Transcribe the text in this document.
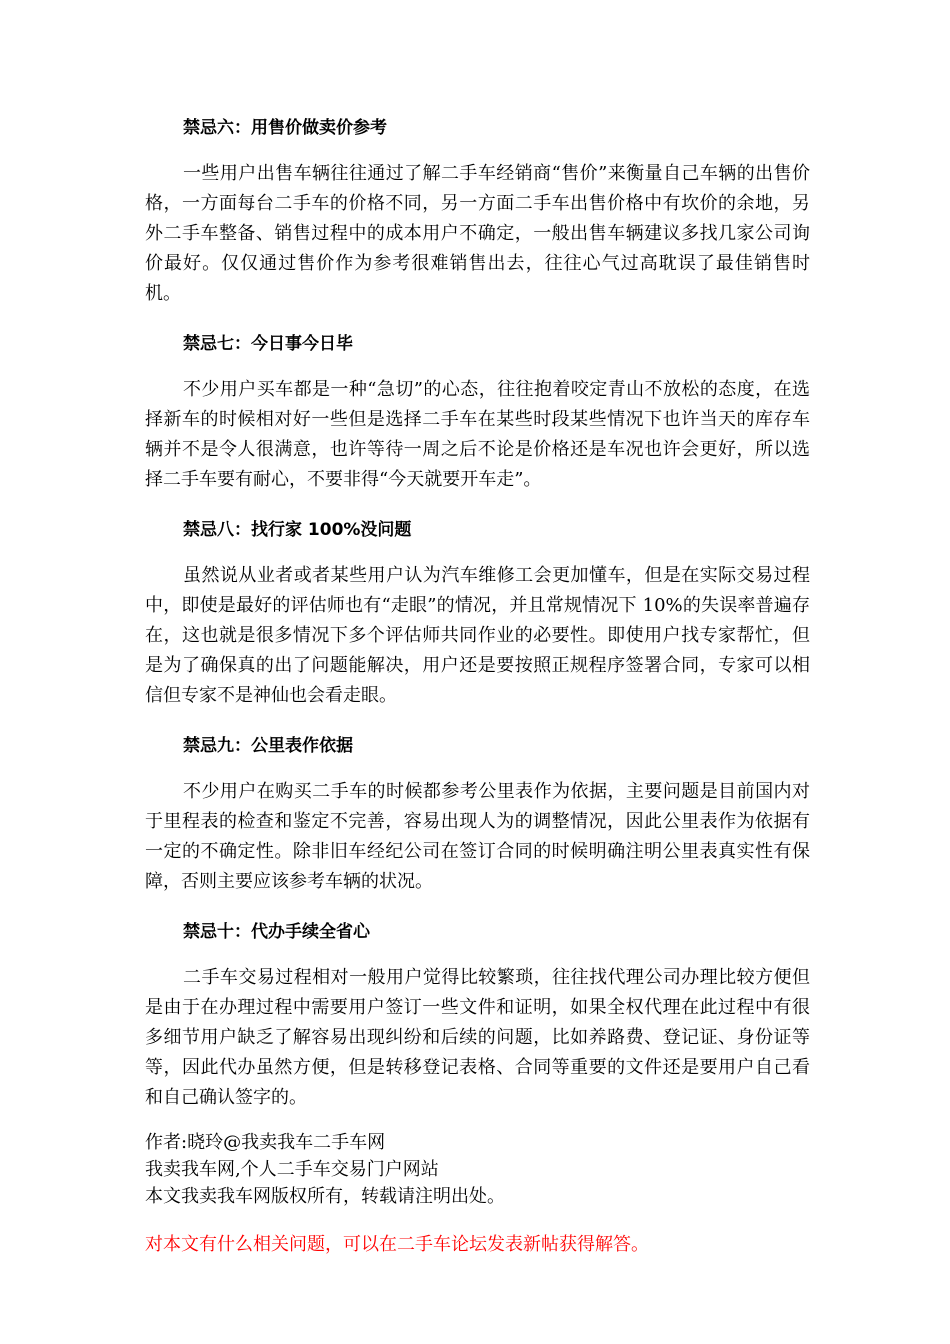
禁忌六：用售价做卖价参考

一些用户出售车辆往往通过了解二手车经销商“售价”来衡量自己车辆的出售价格，一方面每台二手车的价格不同，另一方面二手车出售价格中有坎价的余地，另外二手车整备、销售过程中的成本用户不确定，一般出售车辆建议多找几家公司询价最好。仅仅通过售价作为参考很难销售出去，往往心气过高耽误了最佳销售时机。

禁忌七：今日事今日毕

不少用户买车都是一种“急切”的心态，往往抱着咬定青山不放松的态度，在选择新车的时候相对好一些但是选择二手车在某些时段某些情况下也许当天的库存车辆并不是令人很满意，也许等待一周之后不论是价格还是车况也许会更好，所以选择二手车要有耐心，不要非得“今天就要开车走”。

禁忌八：找行家 100%没问题

虽然说从业者或者某些用户认为汽车维修工会更加懂车，但是在实际交易过程中，即使是最好的评估师也有“走眼”的情况，并且常规情况下 10%的失误率普遍存在，这也就是很多情况下多个评估师共同作业的必要性。即使用户找专家帮忙，但是为了确保真的出了问题能解决，用户还是要按照正规程序签署合同，专家可以相信但专家不是神仙也会看走眼。

禁忌九：公里表作依据

不少用户在购买二手车的时候都参考公里表作为依据，主要问题是目前国内对于里程表的检查和鉴定不完善，容易出现人为的调整情况，因此公里表作为依据有一定的不确定性。除非旧车经纪公司在签订合同的时候明确注明公里表真实性有保障，否则主要应该参考车辆的状况。

禁忌十：代办手续全省心

二手车交易过程相对一般用户觉得比较繁琐，往往找代理公司办理比较方便但是由于在办理过程中需要用户签订一些文件和证明，如果全权代理在此过程中有很多细节用户缺乏了解容易出现纠纷和后续的问题，比如养路费、登记证、身份证等等，因此代办虽然方便，但是转移登记表格、合同等重要的文件还是要用户自己看和自己确认签字的。

作者:晓玲@我卖我车二手车网

我卖我车网,个人二手车交易门户网站

本文我卖我车网版权所有，转载请注明出处。

对本文有什么相关问题，可以在二手车论坛发表新帖获得解答。
